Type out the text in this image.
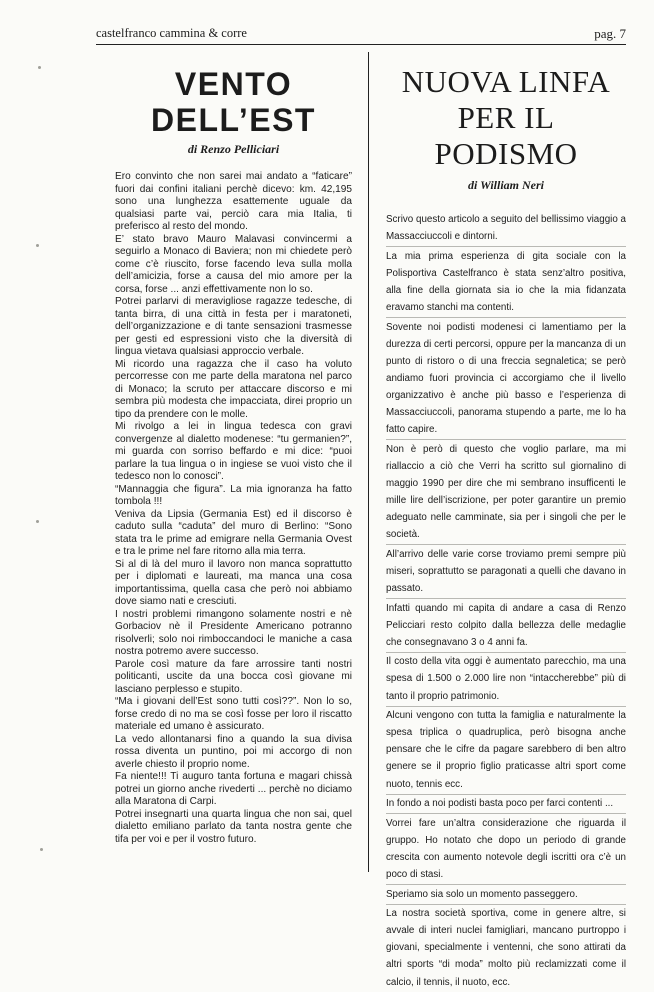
castelfranco cammina & corre	pag. 7
VENTO
DELL’EST
di Renzo Pelliciari

Ero convinto che non sarei mai andato a “faticare” fuori dai confini italiani perchè dicevo: km. 42,195 sono una lunghezza esattemente uguale da qualsiasi parte vai, perciò cara mia Italia, ti preferisco al resto del mondo.

E’ stato bravo Mauro Malavasi convincermi a seguirlo a Monaco di Baviera; non mi chiedete però come c’è riuscito, forse facendo leva sulla molla dell’amicizia, forse a causa del mio amore per la corsa, forse ... anzi effettivamente non lo so.

Potrei parlarvi di meravigliose ragazze tedesche, di tanta birra, di una città in festa per i maratoneti, dell’organizzazione e di tante sensazioni trasmesse per gesti ed espressioni visto che la diversità di lingua vietava qualsiasi approccio verbale.

Mi ricordo una ragazza che il caso ha voluto percorresse con me parte della maratona nel parco di Monaco; la scruto per attaccare discorso e mi sembra più modesta che impacciata, direi proprio un tipo da prendere con le molle.

Mi rivolgo a lei in lingua tedesca con gravi convergenze al dialetto modenese: “tu germanien?”, mi guarda con sorriso beffardo e mi dice: “puoi parlare la tua lingua o in ingiese se vuoi visto che il tedesco non lo conosci”.

“Mannaggia che figura”. La mia ignoranza ha fatto tombola !!!

Veniva da Lipsia (Germania Est) ed il discorso è caduto sulla “caduta” del muro di Berlino: “Sono stata tra le prime ad emigrare nella Germania Ovest e tra le prime nel fare ritorno alla mia terra.

Si al di là del muro il lavoro non manca soprattutto per i diplomati e laureati, ma manca una cosa importantissima, quella casa che però noi abbiamo dove siamo nati e cresciuti.

I nostri problemi rimangono solamente nostri e nè Gorbaciov nè il Presidente Americano potranno risolverli; solo noi rimboccandoci le maniche a casa nostra potremo avere successo.

Parole così mature da fare arrossire tanti nostri politicanti, uscite da una bocca così giovane mi lasciano perplesso e stupito.

“Ma i giovani dell’Est sono tutti così??”. Non lo so, forse credo di no ma se così fosse per loro il riscatto materiale ed umano è assicurato.

La vedo allontanarsi fino a quando la sua divisa rossa diventa un puntino, poi mi accorgo di non averle chiesto il proprio nome.

Fa niente!!! Ti auguro tanta fortuna e magari chissà potrei un giorno anche rivederti ... perchè no diciamo alla Maratona di Carpi.

Potrei insegnarti una quarta lingua che non sai, quel dialetto emiliano parlato da tanta nostra gente che tifa per voi e per il vostro futuro.

NUOVA LINFA
PER IL
PODISMO
di William Neri

Scrivo questo articolo a seguito del bellissimo viaggio a Massacciuccoli e dintorni.

La mia prima esperienza di gita sociale con la Polisportiva Castelfranco è stata senz’altro positiva, alla fine della giornata sia io che la mia fidanzata eravamo stanchi ma contenti.

Sovente noi podisti modenesi ci lamentiamo per la durezza di certi percorsi, oppure per la mancanza di un punto di ristoro o di una freccia segnaletica; se però andiamo fuori provincia ci accorgiamo che il livello organizzativo è anche più basso e l’esperienza di Massacciuccoli, panorama stupendo a parte, me lo ha fatto capire.

Non è però di questo che voglio parlare, ma mi riallaccio a ciò che Verri ha scritto sul giornalino di maggio 1990 per dire che mi sembrano insufficenti le mille lire dell’iscrizione, per poter garantire un premio adeguato nelle camminate, sia per i singoli che per le società.

All’arrivo delle varie corse troviamo premi sempre più miseri, soprattutto se paragonati a quelli che davano in passato.

Infatti quando mi capita di andare a casa di Renzo Pelicciari resto colpito dalla bellezza delle medaglie che consegnavano 3 o 4 anni fa.

Il costo della vita oggi è aumentato parecchio, ma una spesa di 1.500 o 2.000 lire non “intaccherebbe” più di tanto il proprio patrimonio.

Alcuni vengono con tutta la famiglia e naturalmente la spesa triplica o quadruplica, però bisogna anche pensare che le cifre da pagare sarebbero di ben altro genere se il proprio figlio praticasse altri sport come nuoto, tennis ecc.

In fondo a noi podisti basta poco per farci contenti ...

Vorrei fare un’altra considerazione che riguarda il gruppo. Ho notato che dopo un periodo di grande crescita con aumento notevole degli iscritti ora c’è un poco di stasi.

Speriamo sia solo un momento passeggero.

La nostra società sportiva, come in genere altre, si avvale di interi nuclei famigliari, mancano purtroppo i giovani, specialmente i ventenni, che sono attirati da altri sports “di moda” molto più reclamizzati come il calcio, il tennis, il nuoto, ecc.
